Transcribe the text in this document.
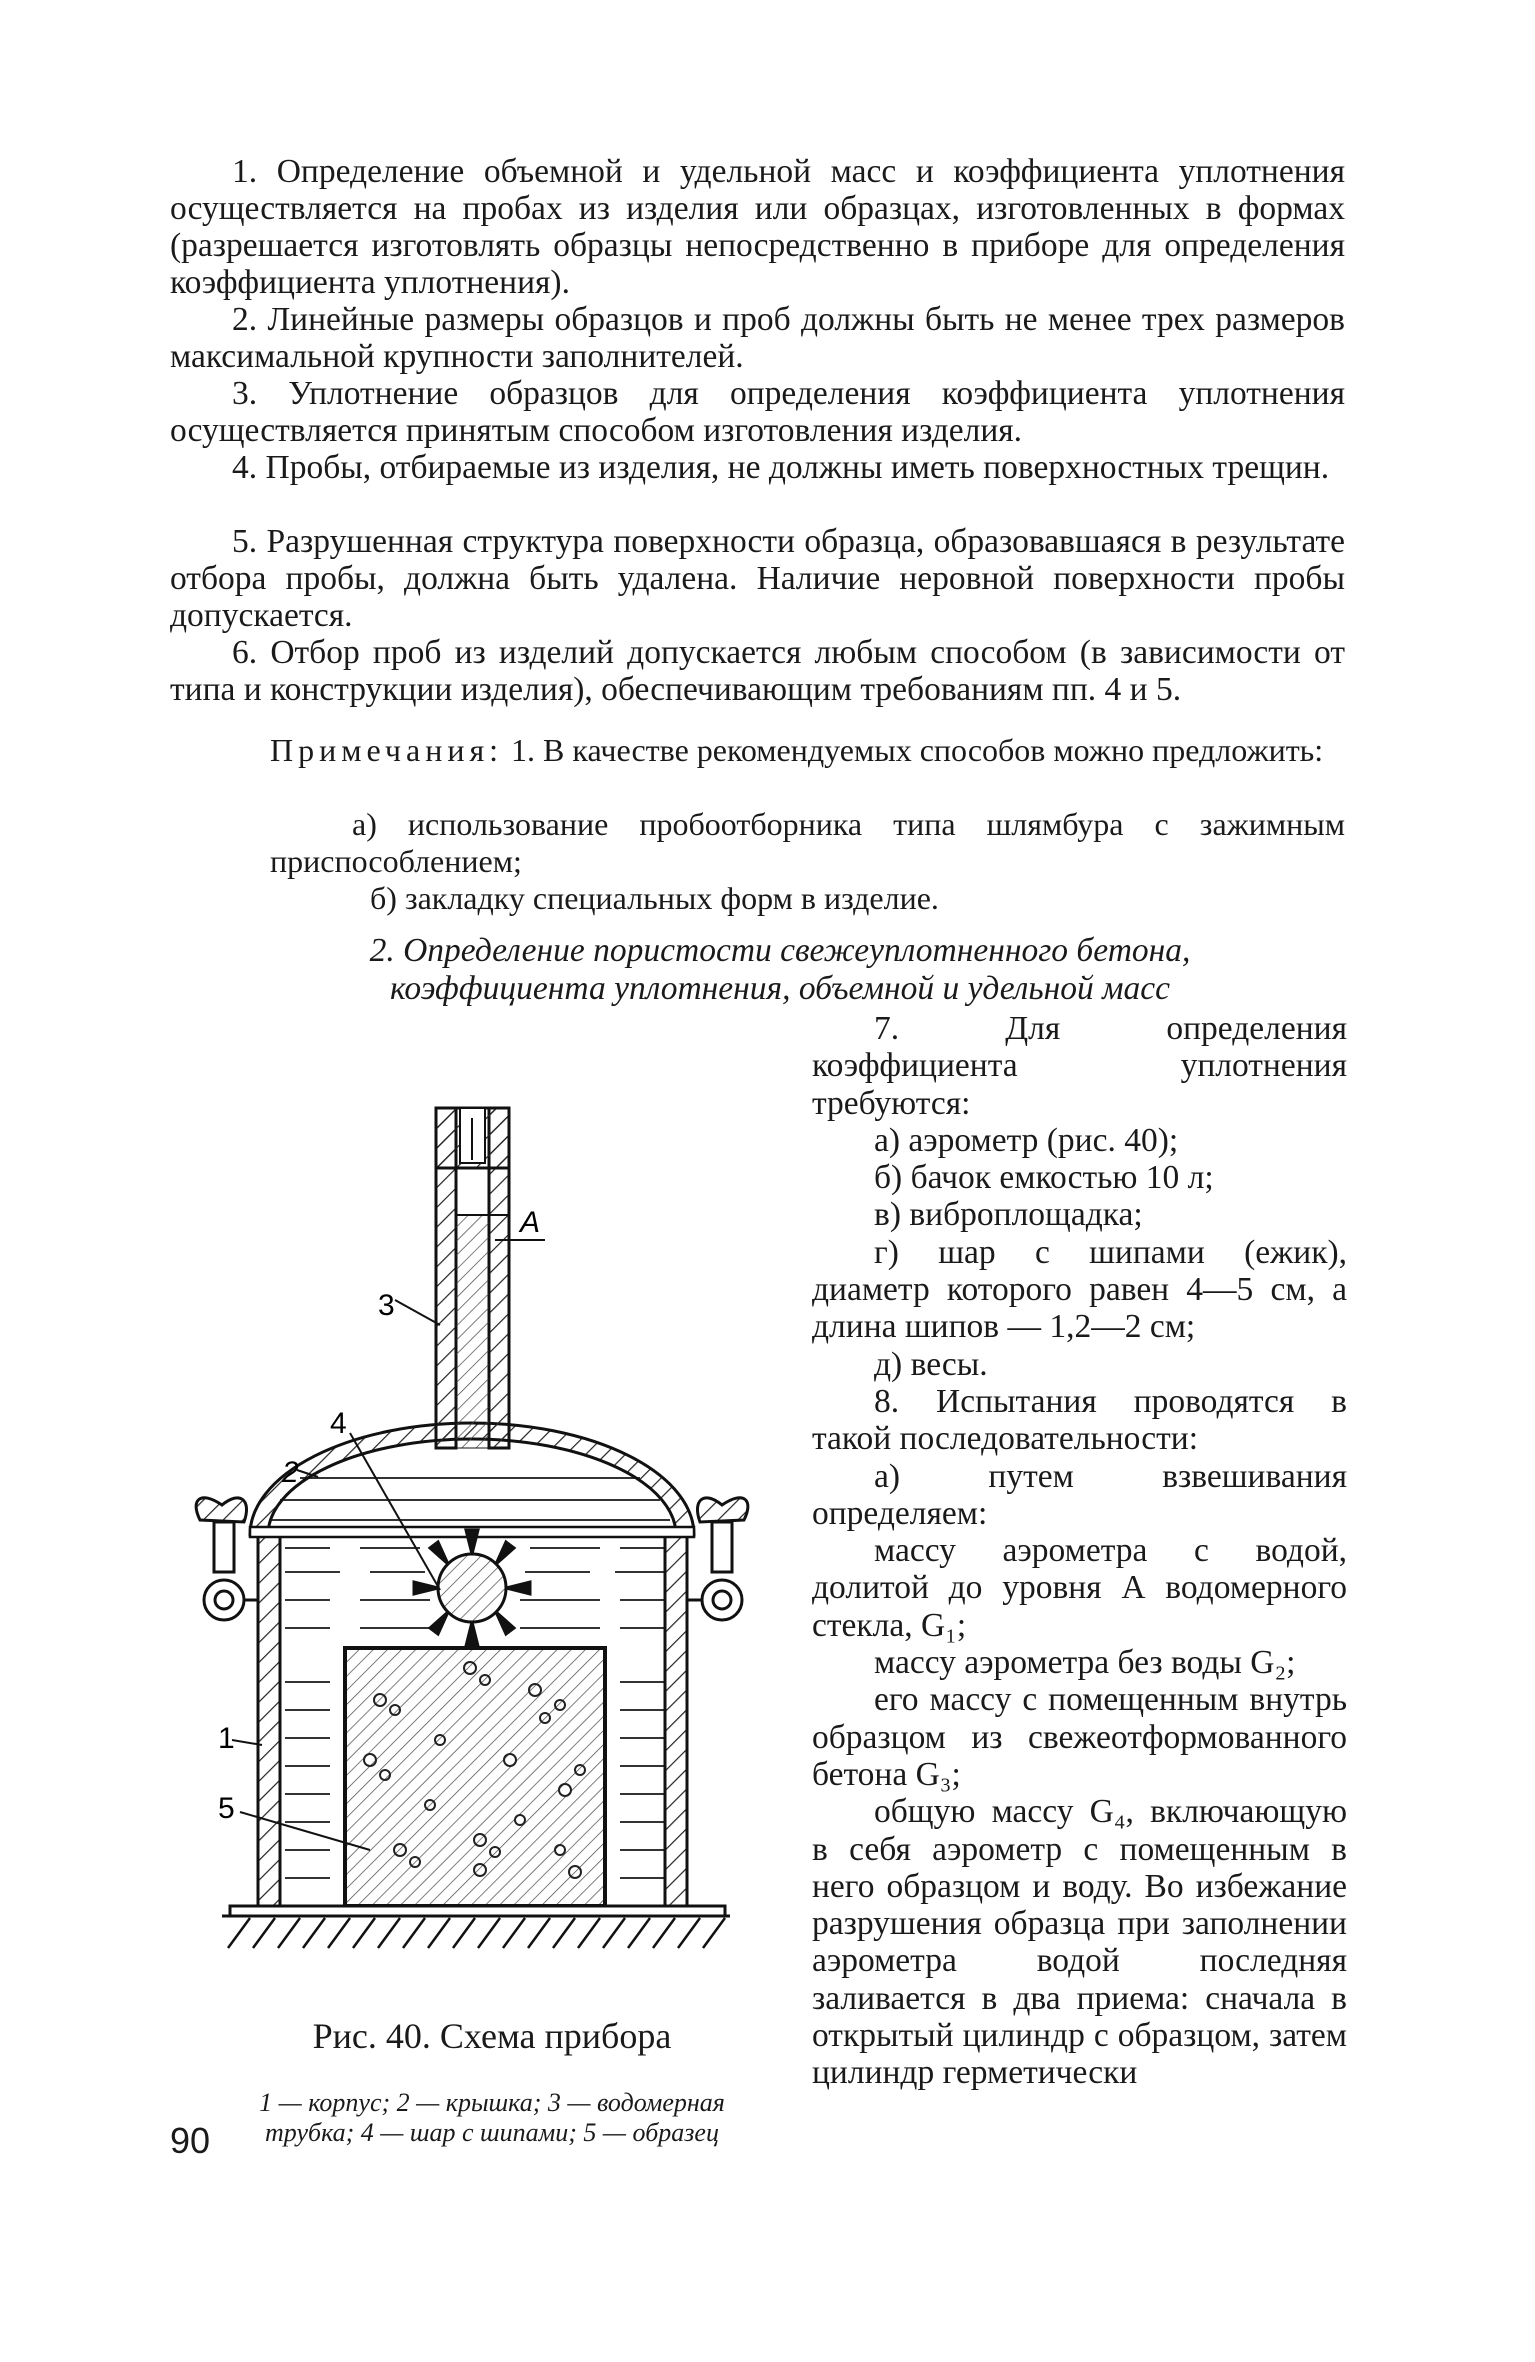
1. Определение объемной и удельной масс и коэффициента уплотнения осуществляется на пробах из изделия или образцах, изготовленных в формах (разрешается изготовлять образцы непосредственно в приборе для определения коэффициента уплотнения).

2. Линейные размеры образцов и проб должны быть не менее трех размеров максимальной крупности заполнителей.

3. Уплотнение образцов для определения коэффициента уплотнения осуществляется принятым способом изготовления изделия.

4. Пробы, отбираемые из изделия, не должны иметь поверхностных трещин.

5. Разрушенная структура поверхности образца, образовавшаяся в результате отбора пробы, должна быть удалена. Наличие неровной поверхности пробы допускается.

6. Отбор проб из изделий допускается любым способом (в зависимости от типа и конструкции изделия), обеспечивающим требованиям пп. 4 и 5.

Примечания: 1. В качестве рекомендуемых способов можно предложить:

а) использование пробоотборника типа шлямбура с зажимным приспособлением;

б) закладку специальных форм в изделие.

2. Определение пористости свежеуплотненного бетона,
коэффициента уплотнения, объемной и удельной масс

7. Для определения коэффициента уплотнения требуются:

а) аэрометр (рис. 40);

б) бачок емкостью 10 л;

в) виброплощадка;

г) шар с шипами (ежик), диаметр которого равен 4—5 см, а длина шипов — 1,2—2 см;

д) весы.

8. Испытания проводятся в такой последовательности:

а) путем взвешивания определяем:

массу аэрометра с водой, долитой до уровня А водомерного стекла, G₁;

массу аэрометра без воды G₂;

его массу с помещенным внутрь образцом из свежеотформованного бетона G₃;

общую массу G₄, включающую в себя аэрометр с помещенным в него образцом и воду. Во избежание разрушения образца при заполнении аэрометра водой последняя заливается в два приема: сначала в открытый цилиндр с образцом, затем цилиндр герметически

А
3
4
2
1
5
Рис. 40. Схема прибора
1 — корпус; 2 — крышка; 3 — водомерная трубка; 4 — шар с шипами; 5 — образец
90
